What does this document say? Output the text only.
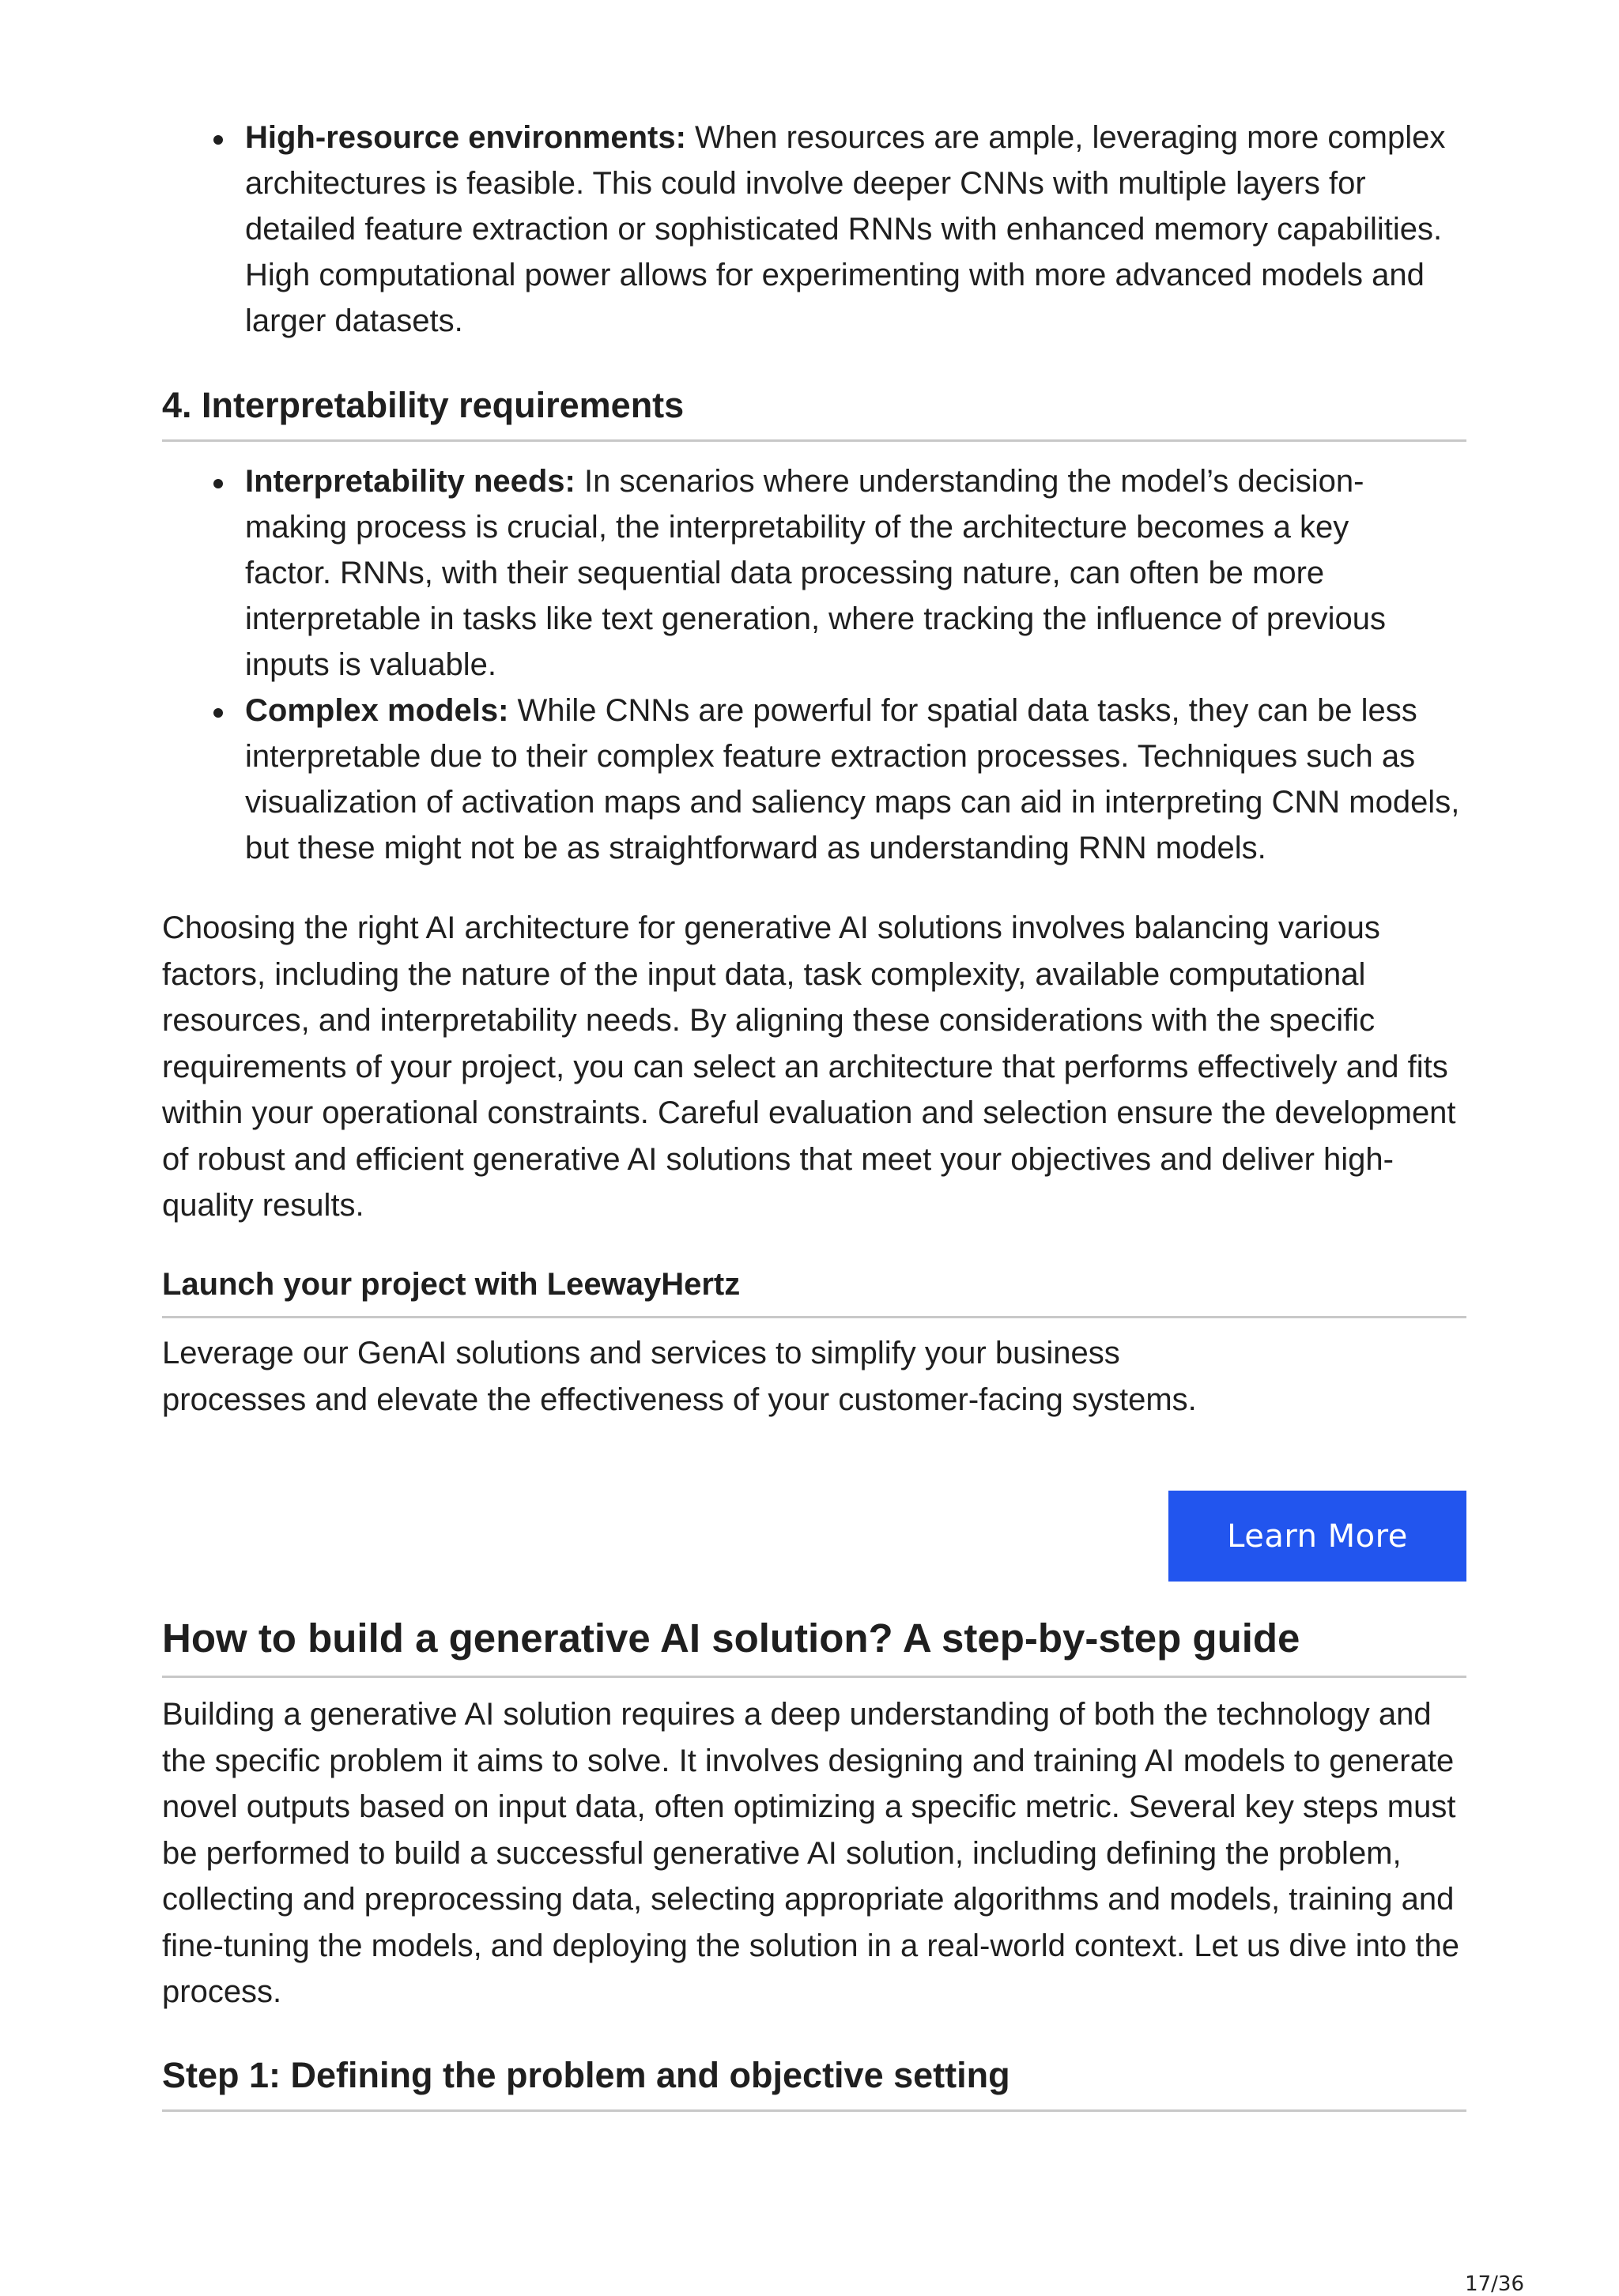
High-resource environments: When resources are ample, leveraging more complex architectures is feasible. This could involve deeper CNNs with multiple layers for detailed feature extraction or sophisticated RNNs with enhanced memory capabilities. High computational power allows for experimenting with more advanced models and larger datasets.
4. Interpretability requirements
Interpretability needs: In scenarios where understanding the model’s decision-making process is crucial, the interpretability of the architecture becomes a key factor. RNNs, with their sequential data processing nature, can often be more interpretable in tasks like text generation, where tracking the influence of previous inputs is valuable.
Complex models: While CNNs are powerful for spatial data tasks, they can be less interpretable due to their complex feature extraction processes. Techniques such as visualization of activation maps and saliency maps can aid in interpreting CNN models, but these might not be as straightforward as understanding RNN models.

Choosing the right AI architecture for generative AI solutions involves balancing various factors, including the nature of the input data, task complexity, available computational resources, and interpretability needs. By aligning these considerations with the specific requirements of your project, you can select an architecture that performs effectively and fits within your operational constraints. Careful evaluation and selection ensure the development of robust and efficient generative AI solutions that meet your objectives and deliver high-quality results.

Launch your project with LeewayHertz

Leverage our GenAI solutions and services to simplify your business

processes and elevate the effectiveness of your customer-facing systems.

How to build a generative AI solution? A step-by-step guide

Building a generative AI solution requires a deep understanding of both the technology and the specific problem it aims to solve. It involves designing and training AI models to generate novel outputs based on input data, often optimizing a specific metric. Several key steps must be performed to build a successful generative AI solution, including defining the problem, collecting and preprocessing data, selecting appropriate algorithms and models, training and fine-tuning the models, and deploying the solution in a real-world context. Let us dive into the process.

Step 1: Defining the problem and objective setting
Learn More
17/36
